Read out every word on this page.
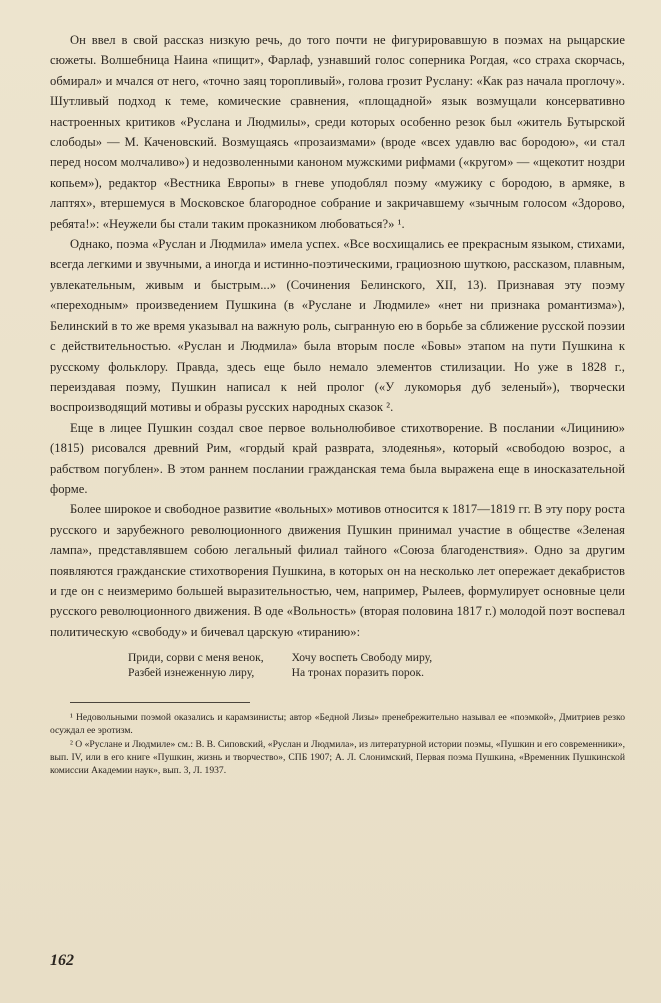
Он ввел в свой рассказ низкую речь, до того почти не фигурировавшую в поэмах на рыцарские сюжеты. Волшебница Наина «пищит», Фарлаф, узнавший голос соперника Рогдая, «со страха скорчась, обмирал» и мчался от него, «точно заяц торопливый», голова грозит Руслану: «Как раз начала проглочу». Шутливый подход к теме, комические сравнения, «площадной» язык возмущали консервативно настроенных критиков «Руслана и Людмилы», среди которых особенно резок был «житель Бутырской слободы» — М. Каченовский. Возмущаясь «прозаизмами» (вроде «всех удавлю вас бородою», «и стал перед носом молчаливо») и недозволенными каноном мужскими рифмами («кругом» — «щекотит ноздри копьем»), редактор «Вестника Европы» в гневе уподоблял поэму «мужику с бородою, в армяке, в лаптях», втершемуся в Московское благородное собрание и закричавшему «зычным голосом «Здорово, ребята!»: «Неужели бы стали таким проказником любоваться?» ¹.

Однако, поэма «Руслан и Людмила» имела успех. «Все восхищались ее прекрасным языком, стихами, всегда легкими и звучными, а иногда и истинно-поэтическими, грациозною шуткою, рассказом, плавным, увлекательным, живым и быстрым...» (Сочинения Белинского, XII, 13). Признавая эту поэму «переходным» произведением Пушкина (в «Руслане и Людмиле» «нет ни признака романтизма»), Белинский в то же время указывал на важную роль, сыгранную ею в борьбе за сближение русской поэзии с действительностью. «Руслан и Людмила» была вторым после «Бовы» этапом на пути Пушкина к русскому фольклору. Правда, здесь еще было немало элементов стилизации. Но уже в 1828 г., переиздавая поэму, Пушкин написал к ней пролог («У лукоморья дуб зеленый»), творчески воспроизводящий мотивы и образы русских народных сказок ².

Еще в лицее Пушкин создал свое первое вольнолюбивое стихотворение. В послании «Лицинию» (1815) рисовался древний Рим, «гордый край разврата, злодеянья», который «свободою возрос, а рабством погублен». В этом раннем послании гражданская тема была выражена еще в иносказательной форме.

Более широкое и свободное развитие «вольных» мотивов относится к 1817—1819 гг. В эту пору роста русского и зарубежного революционного движения Пушкин принимал участие в обществе «Зеленая лампа», представлявшем собою легальный филиал тайного «Союза благоденствия». Одно за другим появляются гражданские стихотворения Пушкина, в которых он на несколько лет опережает декабристов и где он с неизмеримо большей выразительностью, чем, например, Рылеев, формулирует основные цели русского революционного движения. В оде «Вольность» (вторая половина 1817 г.) молодой поэт воспевал политическую «свободу» и бичевал царскую «тиранию»:

Приди, сорви с меня венок,
Разбей изнеженную лиру,
Хочу воспеть Свободу миру,
На тронах поразить порок.

¹ Недовольными поэмой оказались и карамзинисты; автор «Бедной Лизы» пренебрежительно называл ее «поэмкой», Дмитриев резко осуждал ее эротизм.

² О «Руслане и Людмиле» см.: В. В. Сиповский, «Руслан и Людмила», из литературной истории поэмы, «Пушкин и его современники», вып. IV, или в его книге «Пушкин, жизнь и творчество», СПБ 1907; А. Л. Слонимский, Первая поэма Пушкина, «Временник Пушкинской комиссии Академии наук», вып. 3, Л. 1937.

162
